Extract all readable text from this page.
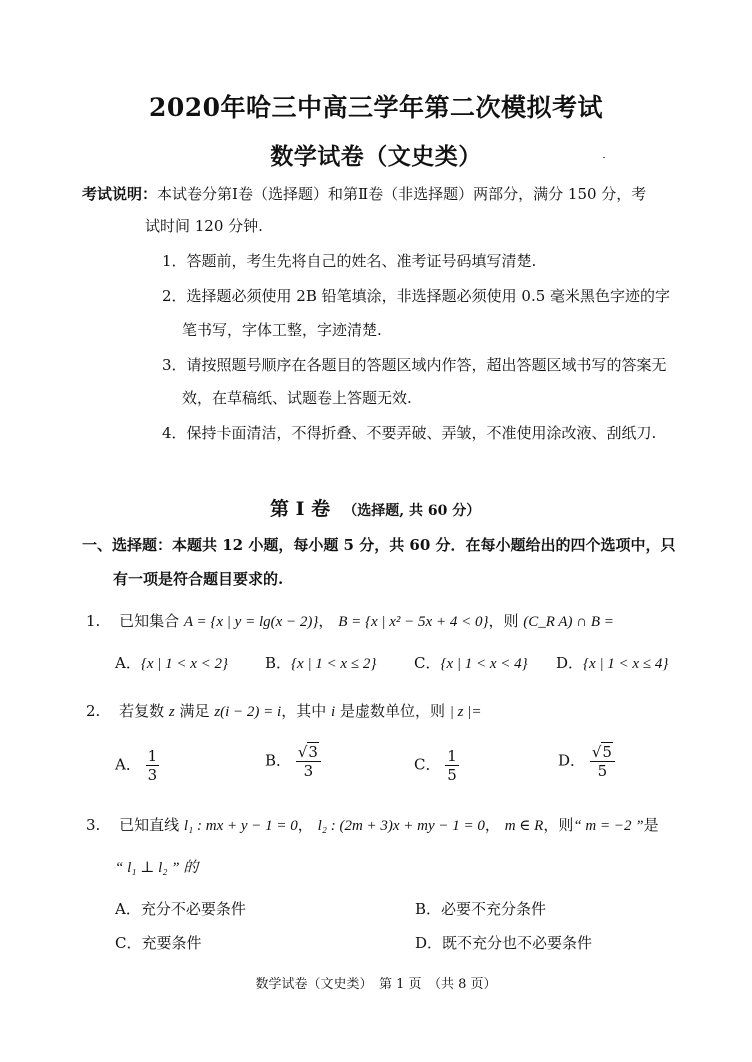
2020年哈三中高三学年第二次模拟考试
数学试卷（文史类）
考试说明：本试卷分第Ⅰ卷（选择题）和第Ⅱ卷（非选择题）两部分，满分 150 分，考
试时间 120 分钟.
1．答题前，考生先将自己的姓名、准考证号码填写清楚.
2．选择题必须使用 2B 铅笔填涂，非选择题必须使用 0.5 毫米黑色字迹的字
笔书写，字体工整，字迹清楚.
3．请按照题号顺序在各题目的答题区域内作答，超出答题区域书写的答案无
效，在草稿纸、试题卷上答题无效.
4．保持卡面清洁，不得折叠、不要弄破、弄皱，不准使用涂改液、刮纸刀.
第 I 卷 （选择题, 共 60 分）
一、选择题：本题共 12 小题，每小题 5 分，共 60 分．在每小题给出的四个选项中，只
有一项是符合题目要求的.
1. 已知集合 A = {x | y = lg(x − 2)}， B = {x | x² − 5x + 4 < 0}，则 (C_R A) ∩ B =
A．{x | 1 < x < 2} B．{x | 1 < x ≤ 2}	C．{x | 1 < x < 4} D．{x | 1 < x ≤ 4}
2. 若复数 z 满足 z(i − 2) = i，其中 i 是虚数单位，则 | z |=
A． $\frac{1}{3}$	B． $\frac{√3}{3}$	C． $\frac{1}{5}$	D． $\frac{√5}{5}$
3. 已知直线 l₁ : mx + y − 1 = 0， l₂ : (2m + 3)x + my − 1 = 0， m ∈ R，则“ m = −2 ”是
“ l₁ ⊥ l₂ ” 的
A．充分不必要条件	B．必要不充分条件
C．充要条件	D．既不充分也不必要条件
数学试卷（文史类）　第 1 页　（共 8 页）
